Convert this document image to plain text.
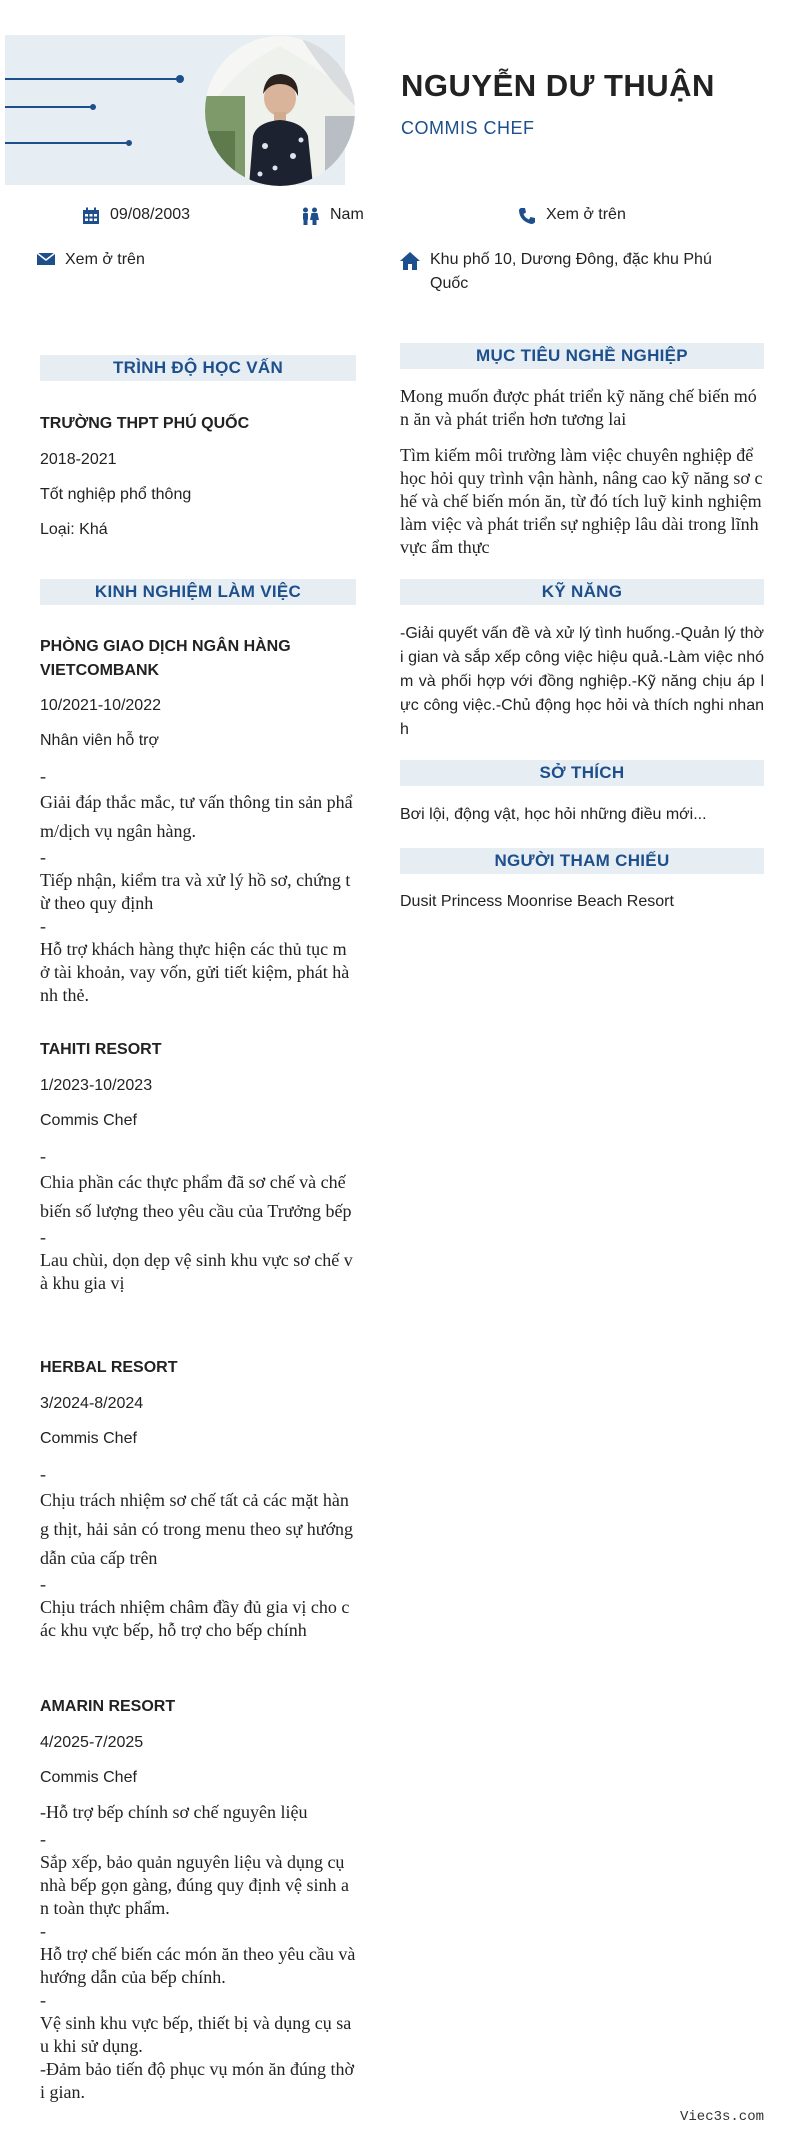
NGUYỄN DƯ THUẬN
COMMIS CHEF
09/08/2003	Nam	Xem ở trên
Xem ở trên	Khu phố 10, Dương Đông, đặc khu Phú Quốc
TRÌNH ĐỘ HỌC VẤN
TRƯỜNG THPT PHÚ QUỐC
2018-2021
Tốt nghiệp phổ thông
Loại: Khá
KINH NGHIỆM LÀM VIỆC
PHÒNG GIAO DỊCH NGÂN HÀNG VIETCOMBANK
10/2021-10/2022
Nhân viên hỗ trợ
-
Giải đáp thắc mắc, tư vấn thông tin sản phẩm/dịch vụ ngân hàng.
-
Tiếp nhận, kiểm tra và xử lý hồ sơ, chứng từ theo quy định
-
Hỗ trợ khách hàng thực hiện các thủ tục mở tài khoản, vay vốn, gửi tiết kiệm, phát hành thẻ.
TAHITI RESORT
1/2023-10/2023
Commis Chef
-
Chia phần các thực phẩm đã sơ chế và chế biến số lượng theo yêu cầu của Trưởng bếp
-
Lau chùi, dọn dẹp vệ sinh khu vực sơ chế và khu gia vị
HERBAL RESORT
3/2024-8/2024
Commis Chef
-
Chịu trách nhiệm sơ chế tất cả các mặt hàng thịt, hải sản có trong menu theo sự hướng dẫn của cấp trên
-
Chịu trách nhiệm châm đầy đủ gia vị cho các khu vực bếp, hỗ trợ cho bếp chính
AMARIN RESORT
4/2025-7/2025
Commis Chef
-Hỗ trợ bếp chính sơ chế nguyên liệu
-
Sắp xếp, bảo quản nguyên liệu và dụng cụ nhà bếp gọn gàng, đúng quy định vệ sinh an toàn thực phẩm.
-
Hỗ trợ chế biến các món ăn theo yêu cầu và hướng dẫn của bếp chính.
-
Vệ sinh khu vực bếp, thiết bị và dụng cụ sau khi sử dụng.
-Đảm bảo tiến độ phục vụ món ăn đúng thời gian.
MỤC TIÊU NGHỀ NGHIỆP
Mong muốn được phát triển kỹ năng chế biến món ăn và phát triển hơn tương lai
Tìm kiếm môi trường làm việc chuyên nghiệp để học hỏi quy trình vận hành, nâng cao kỹ năng sơ chế và chế biến món ăn, từ đó tích luỹ kinh nghiệm làm việc và phát triển sự nghiệp lâu dài trong lĩnh vực ẩm thực
KỸ NĂNG
-Giải quyết vấn đề và xử lý tình huống.-Quản lý thời gian và sắp xếp công việc hiệu quả.-Làm việc nhóm và phối hợp với đồng nghiệp.-Kỹ năng chịu áp lực công việc.-Chủ động học hỏi và thích nghi nhanh
SỞ THÍCH
Bơi lội, động vật, học hỏi những điều mới...
NGƯỜI THAM CHIẾU
Dusit Princess Moonrise Beach Resort
Viec3s.com
